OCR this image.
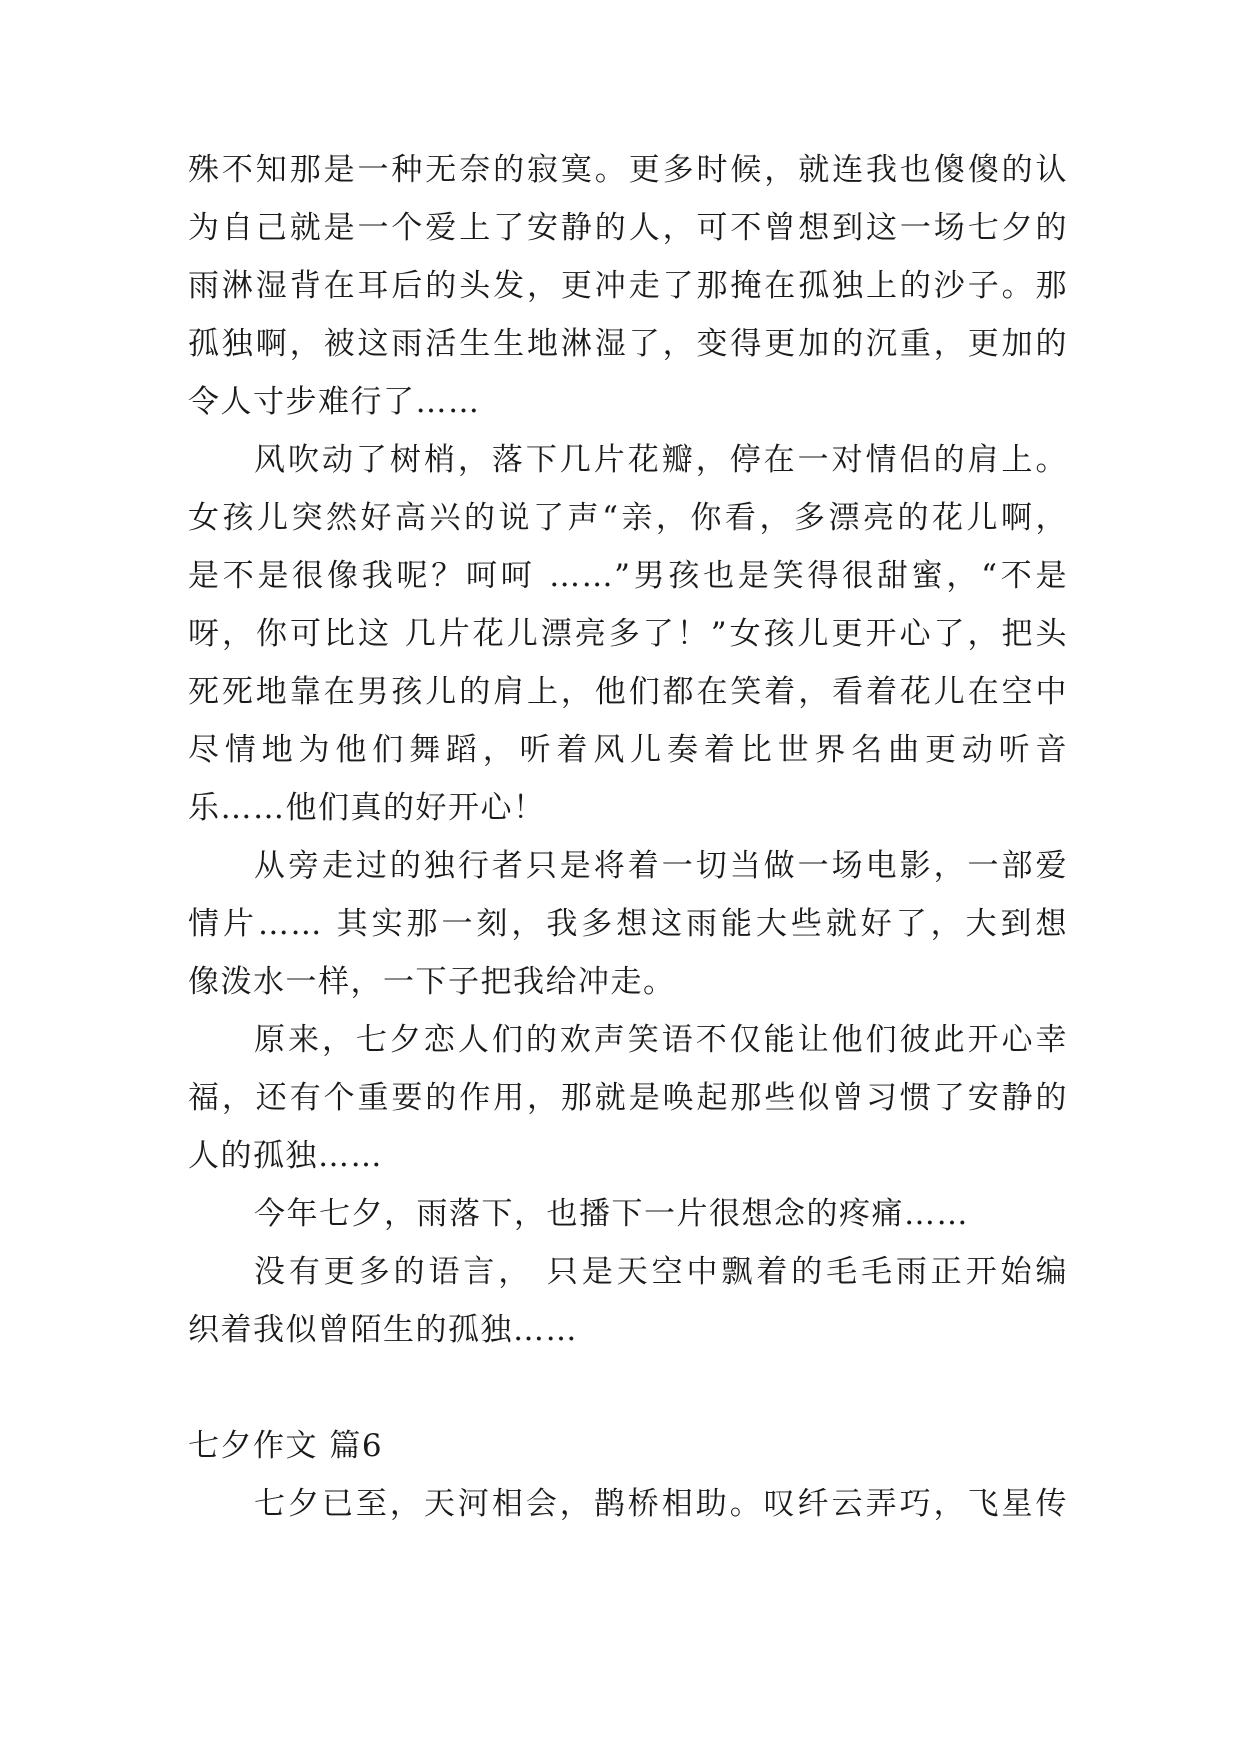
殊不知那是一种无奈的寂寞。更多时候，就连我也傻傻的认
为自己就是一个爱上了安静的人，可不曾想到这一场七夕的
雨淋湿背在耳后的头发，更冲走了那掩在孤独上的沙子。那
孤独啊，被这雨活生生地淋湿了，变得更加的沉重，更加的
令人寸步难行了……
风吹动了树梢，落下几片花瓣，停在一对情侣的肩上。
女孩儿突然好高兴的说了声“亲，你看，多漂亮的花儿啊，
是不是很像我呢？呵呵 ……”男孩也是笑得很甜蜜，“不是
呀，你可比这 几片花儿漂亮多了！”女孩儿更开心了，把头
死死地靠在男孩儿的肩上，他们都在笑着，看着花儿在空中
尽情地为他们舞蹈，听着风儿奏着比世界名曲更动听音
乐……他们真的好开心！
从旁走过的独行者只是将着一切当做一场电影，一部爱
情片…… 其实那一刻，我多想这雨能大些就好了，大到想
像泼水一样，一下子把我给冲走。
原来，七夕恋人们的欢声笑语不仅能让他们彼此开心幸
福，还有个重要的作用，那就是唤起那些似曾习惯了安静的
人的孤独……
今年七夕，雨落下，也播下一片很想念的疼痛……
没有更多的语言， 只是天空中飘着的毛毛雨正开始编
织着我似曾陌生的孤独……
七夕作文 篇6
七夕已至，天河相会，鹊桥相助。叹纤云弄巧，飞星传
